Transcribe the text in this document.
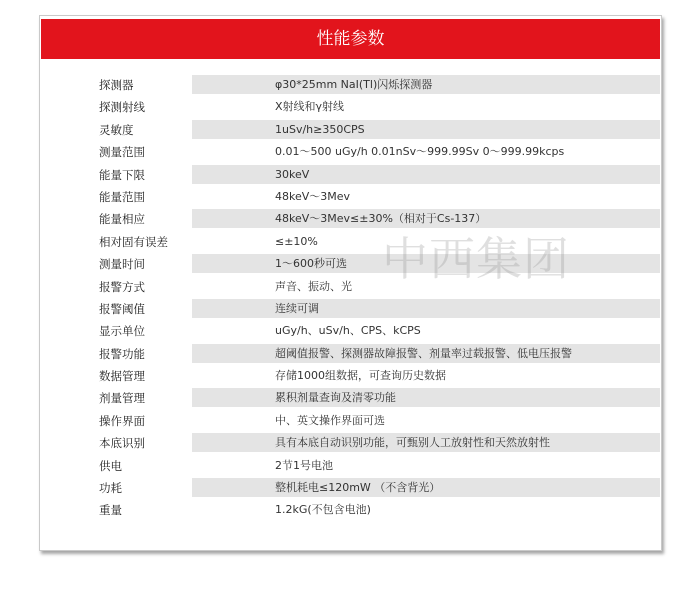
性能参数
探测器	φ30*25mm NaI(Tl)闪烁探测器
探测射线	X射线和γ射线
灵敏度	1uSv/h≥350CPS
测量范围	0.01～500 uGy/h 0.01nSv～999.99Sv 0～999.99kcps
能量下限	30keV
能量范围	48keV～3Mev
能量相应	48keV～3Mev≤±30%（相对于Cs-137）
相对固有误差	≤±10%
测量时间	1～600秒可选
报警方式	声音、振动、光
报警阈值	连续可调
显示单位	uGy/h、uSv/h、CPS、kCPS
报警功能	超阈值报警、探测器故障报警、剂量率过载报警、低电压报警
数据管理	存储1000组数据，可查询历史数据
剂量管理	累积剂量查询及清零功能
操作界面	中、英文操作界面可选
本底识别	具有本底自动识别功能，可甄别人工放射性和天然放射性
供电	2节1号电池
功耗	整机耗电≤120mW （不含背光）
重量	1.2kG(不包含电池)
中西集团
